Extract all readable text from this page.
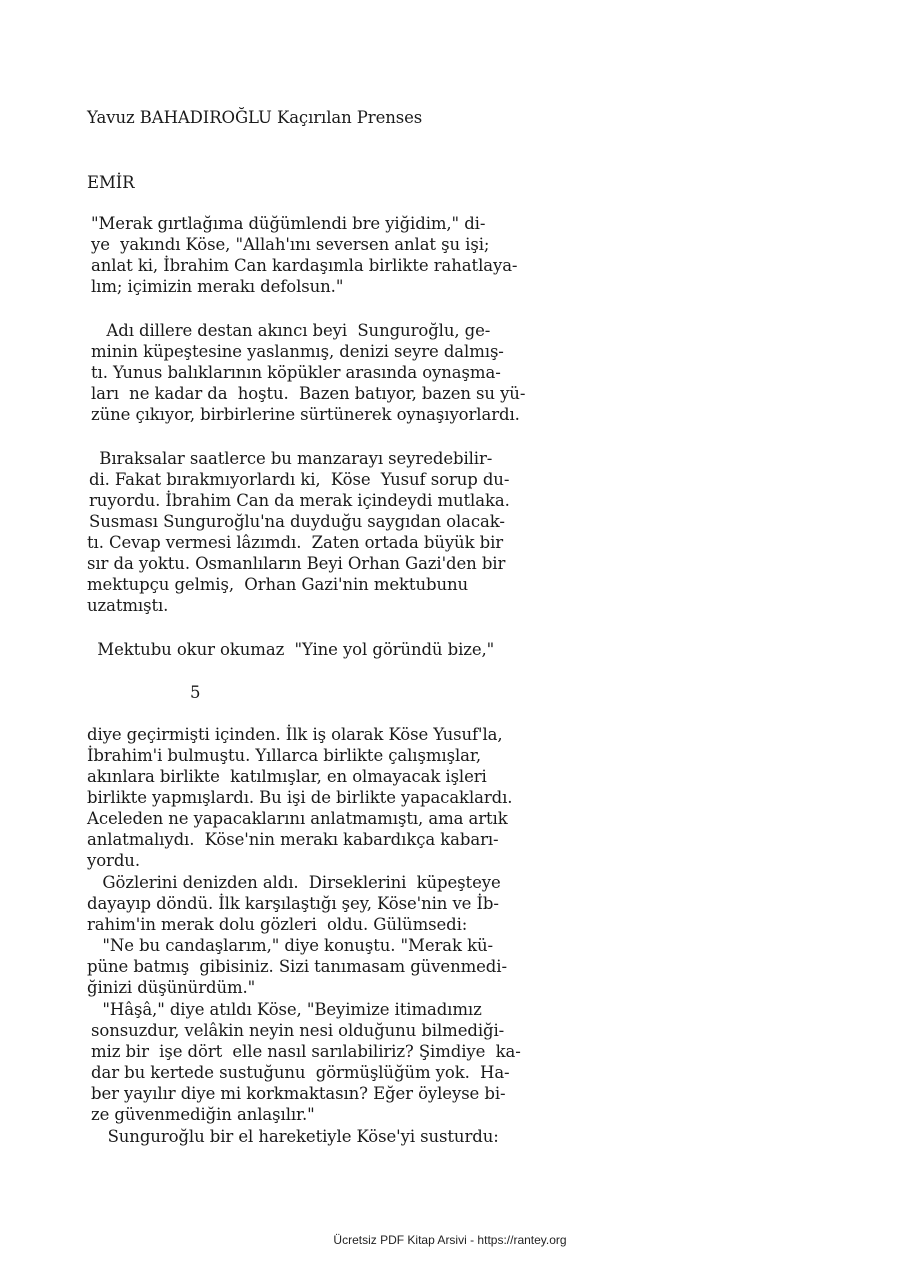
Yavuz BAHADIROĞLU Kaçırılan Prenses
EMİR
"Merak gırtlağıma düğümlendi bre yiğidim," di-
ye  yakındı Köse, "Allah'ını seversen anlat şu işi;
anlat ki, İbrahim Can kardaşımla birlikte rahatlaya-
lım; içimizin merakı defolsun."
Adı dillere destan akıncı beyi  Sunguroğlu, ge-
minin küpeştesine yaslanmış, denizi seyre dalmış-
tı. Yunus balıklarının köpükler arasında oynaşma-
ları  ne kadar da  hoştu.  Bazen batıyor, bazen su yü-
züne çıkıyor, birbirlerine sürtünerek oynaşıyorlardı.
Bıraksalar saatlerce bu manzarayı seyredebilir-
di. Fakat bırakmıyorlardı ki,  Köse  Yusuf sorup du-
ruyordu. İbrahim Can da merak içindeydi mutlaka.
Susması Sunguroğlu'na duyduğu saygıdan olacak-
tı. Cevap vermesi lâzımdı.  Zaten ortada büyük bir
sır da yoktu. Osmanlıların Beyi Orhan Gazi'den bir
mektupçu gelmiş,  Orhan Gazi'nin mektubunu
uzatmıştı.
Mektubu okur okumaz  "Yine yol göründü bize,"
5
diye geçirmişti içinden. İlk iş olarak Köse Yusuf'la,
İbrahim'i bulmuştu. Yıllarca birlikte çalışmışlar,
akınlara birlikte  katılmışlar, en olmayacak işleri
birlikte yapmışlardı. Bu işi de birlikte yapacaklardı.
Aceleden ne yapacaklarını anlatmamıştı, ama artık
anlatmalıydı.  Köse'nin merakı kabardıkça kabarı-
yordu.
Gözlerini denizden aldı.  Dirseklerini  küpeşteye
dayayıp döndü. İlk karşılaştığı şey, Köse'nin ve İb-
rahim'in merak dolu gözleri  oldu. Gülümsedi:
"Ne bu candaşlarım," diye konuştu. "Merak kü-
püne batmış  gibisiniz. Sizi tanımasam güvenmedi-
ğinizi düşünürdüm."
"Hâşâ," diye atıldı Köse, "Beyimize itimadımız
sonsuzdur, velâkin neyin nesi olduğunu bilmediği-
miz bir  işe dört  elle nasıl sarılabiliriz? Şimdiye  ka-
dar bu kertede sustuğunu  görmüşlüğüm yok.  Ha-
ber yayılır diye mi korkmaktasın? Eğer öyleyse bi-
ze güvenmediğin anlaşılır."
Sunguroğlu bir el hareketiyle Köse'yi susturdu:
Ücretsiz PDF Kitap Arsivi - https://rantey.org
